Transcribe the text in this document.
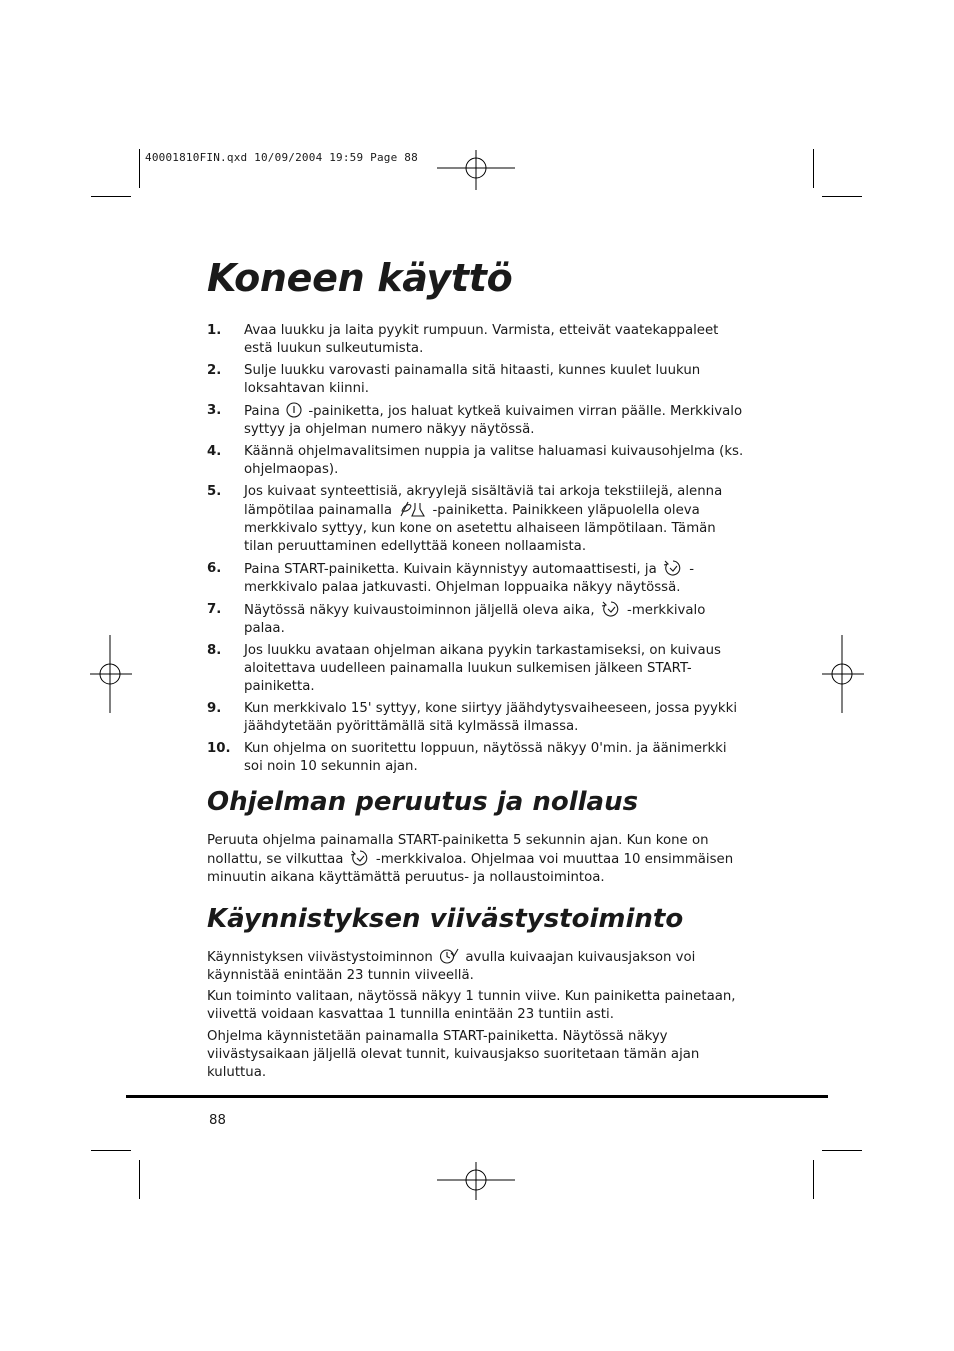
40001810FIN.qxd 10/09/2004 19:59 Page 88
Koneen käyttö
1. Avaa luukku ja laita pyykit rumpuun. Varmista, etteivät vaatekappaleet estä luukun sulkeutumista.
2. Sulje luukku varovasti painamalla sitä hitaasti, kunnes kuulet luukun loksahtavan kiinni.
3. Paina -painiketta, jos haluat kytkeä kuivaimen virran päälle. Merkkivalo syttyy ja ohjelman numero näkyy näytössä.
4. Käännä ohjelmavalitsimen nuppia ja valitse haluamasi kuivausohjelma (ks. ohjelmaopas).
5. Jos kuivaat synteettisiä, akryylejä sisältäviä tai arkoja tekstiilejä, alenna lämpötilaa painamalla	-painiketta. Painikkeen yläpuolella oleva merkkivalo syttyy, kun kone on asetettu alhaiseen lämpötilaan. Tämän tilan peruuttaminen edellyttää koneen nollaamista.
6. Paina START-painiketta. Kuivain käynnistyy automaattisesti, ja -merkkivalo palaa jatkuvasti. Ohjelman loppuaika näkyy näytössä.
7. Näytössä näkyy kuivaustoiminnon jäljellä oleva aika, -merkkivalo palaa.
8. Jos luukku avataan ohjelman aikana pyykin tarkastamiseksi, on kuivaus aloitettava uudelleen painamalla luukun sulkemisen jälkeen START-painiketta.
9. Kun merkkivalo 15' syttyy, kone siirtyy jäähdytysvaiheeseen, jossa pyykki jäähdytetään pyörittämällä sitä kylmässä ilmassa.
10. Kun ohjelma on suoritettu loppuun, näytössä näkyy 0'min. ja äänimerkki soi noin 10 sekunnin ajan.
Ohjelman peruutus ja nollaus

Peruuta ohjelma painamalla START-painiketta 5 sekunnin ajan. Kun kone on nollattu, se vilkuttaa -merkkivaloa. Ohjelmaa voi muuttaa 10 ensimmäisen minuutin aikana käyttämättä peruutus- ja nollaustoimintoa.

Käynnistyksen viivästystoiminto

Käynnistyksen viivästystoiminnon avulla kuivaajan kuivausjakson voi käynnistää enintään 23 tunnin viiveellä.

Kun toiminto valitaan, näytössä näkyy 1 tunnin viive. Kun painiketta painetaan, viivettä voidaan kasvattaa 1 tunnilla enintään 23 tuntiin asti.

Ohjelma käynnistetään painamalla START-painiketta. Näytössä näkyy viivästysaikaan jäljellä olevat tunnit, kuivausjakso suoritetaan tämän ajan kuluttua.

88
